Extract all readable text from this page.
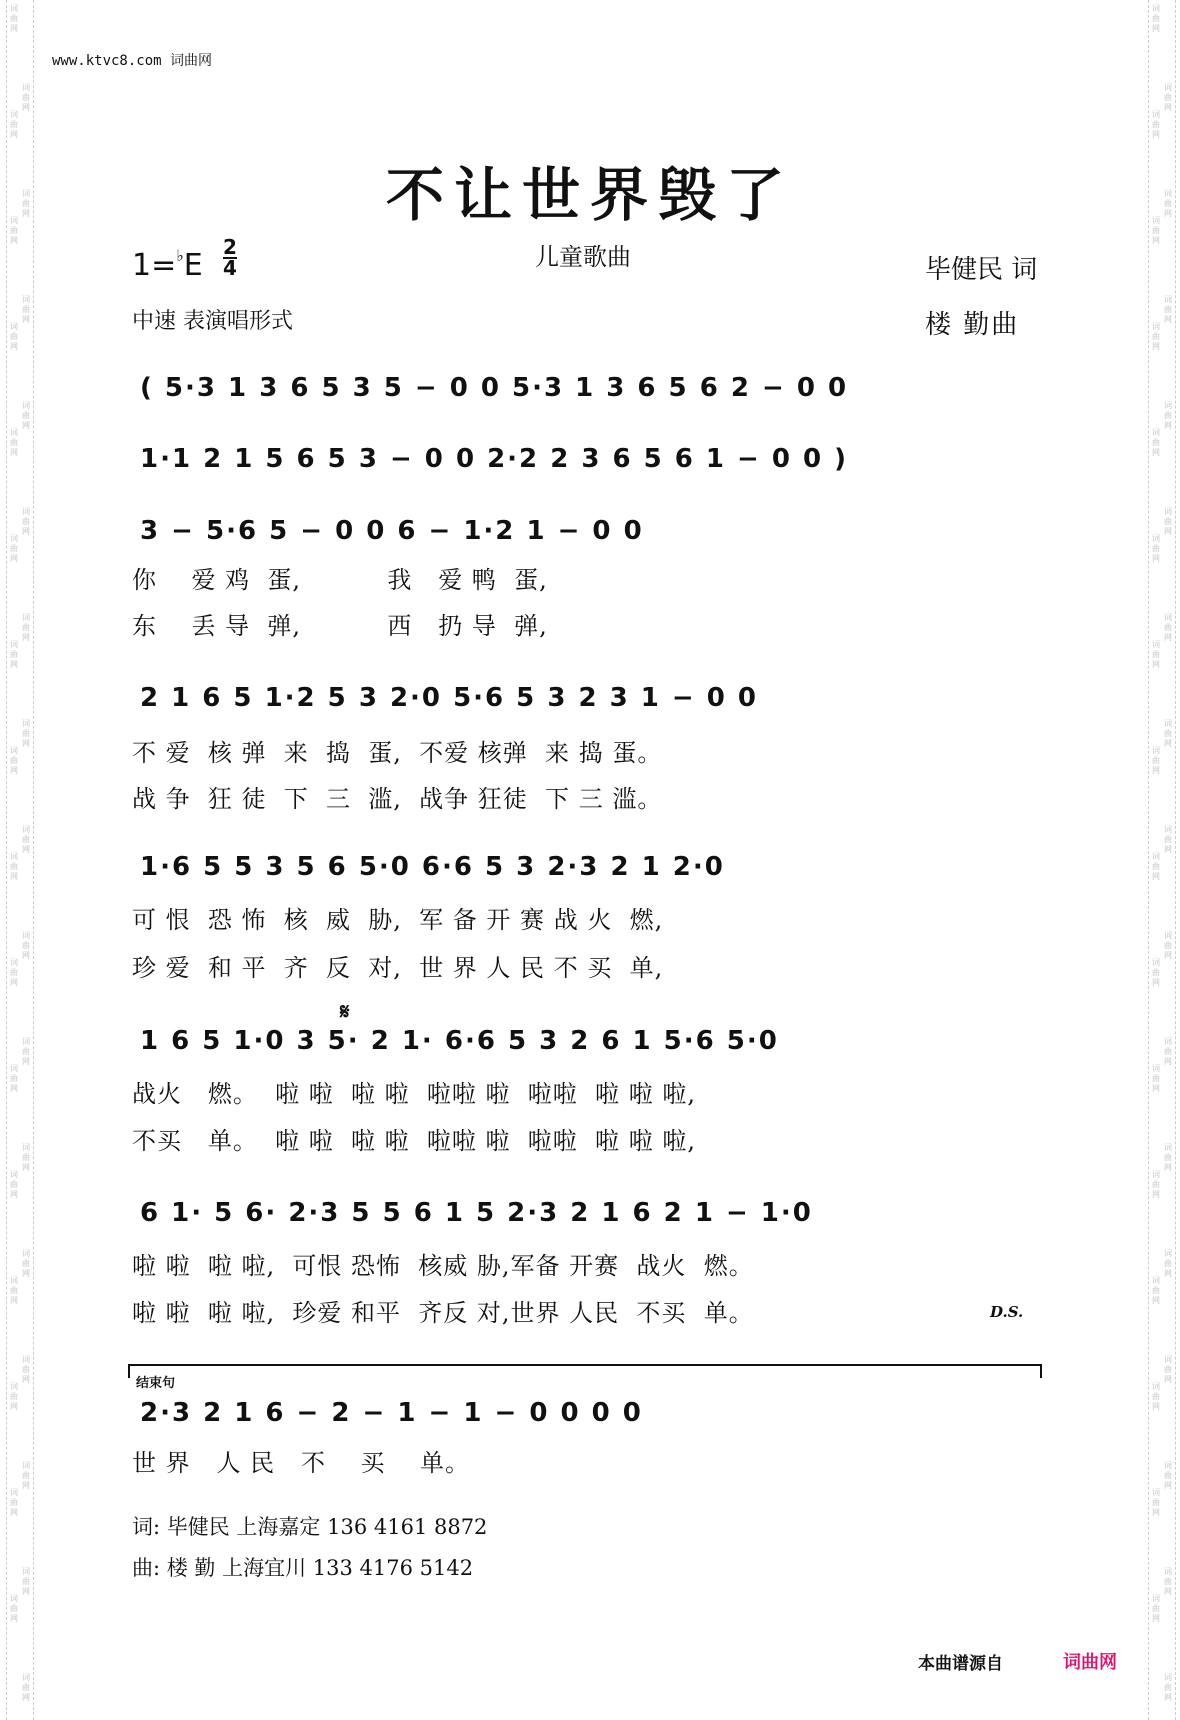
词
曲
网
词
曲
网
词
曲
网
词
曲
网
词
曲
网
词
曲
网
词
曲
网
词
曲
网
词
曲
网
词
曲
网
词
曲
网
词
曲
网
词
曲
网
词
曲
网
词
曲
网
词
曲
网
词
曲
网
词
曲
网
词
曲
网
词
曲
网
词
曲
网
词
曲
网
词
曲
网
词
曲
网
词
曲
网
词
曲
网
词
曲
网
词
曲
网
词
曲
网
词
曲
网
词
曲
网
词
曲
网
词
曲
网
词
曲
网
词
曲
网
词
曲
网
词
曲
网
词
曲
网
词
曲
网
词
曲
网
词
曲
网
词
曲
网
词
曲
网
词
曲
网
词
曲
网
词
曲
网
词
曲
网
词
曲
网
词
曲
网
词
曲
网
词
曲
网
词
曲
网
词
曲
网
词
曲
网
词
曲
网
词
曲
网
词
曲
网
词
曲
网
词
曲
网
词
曲
网
词
曲
网
词
曲
网
词
曲
网
词
曲
网
www.ktvc8.com 词曲网
不让世界毁了
儿童歌曲
1=♭E
2
4
中速 表演唱形式
毕健民 词
楼 勤曲
( 5·3 1 3 6 5 3 5 − 0 0 5·3 1 3 6 5 6 2 − 0 0
1·1 2 1 5 6 5 3 − 0 0 2·2 2 3 6 5 6 1 − 0 0 )
3 − 5·6 5 − 0 0 6 − 1·2 1 − 0 0
你    爱 鸡  蛋,          我   爱 鸭  蛋,
东    丢 导  弹,          西   扔 导  弹,
2 1 6 5 1·2 5 3 2·0 5·6 5 3 2 3 1 − 0 0
不 爱  核 弹  来  捣  蛋,  不爱 核弹  来 捣 蛋。
战 争  狂 徒  下  三  滥,  战争 狂徒  下 三 滥。
1·6 5 5 3 5 6 5·0 6·6 5 3 2·3 2 1 2·0
可 恨  恐 怖  核  威  胁,  军 备 开 赛 战 火  燃,
珍 爱  和 平  齐  反  对,  世 界 人 民 不 买  单,
𝄋
1 6 5 1·0 3 5· 2 1· 6·6 5 3 2 6 1 5·6 5·0
战火   燃。  啦 啦  啦 啦  啦啦 啦  啦啦  啦 啦 啦,
不买   单。  啦 啦  啦 啦  啦啦 啦  啦啦  啦 啦 啦,
6 1· 5 6· 2·3 5 5 6 1 5 2·3 2 1 6 2 1 − 1·0
啦 啦  啦 啦,  可恨 恐怖  核威 胁,军备 开赛  战火  燃。
啦 啦  啦 啦,  珍爱 和平  齐反 对,世界 人民  不买  单。	D.S.
结束句
2·3 2 1 6 − 2 − 1 − 1 − 0 0 0 0
世 界   人 民   不    买    单。
词: 毕健民 上海嘉定 136 4161 8872
曲: 楼 勤 上海宜川 133 4176 5142
本曲谱源自	词曲网
